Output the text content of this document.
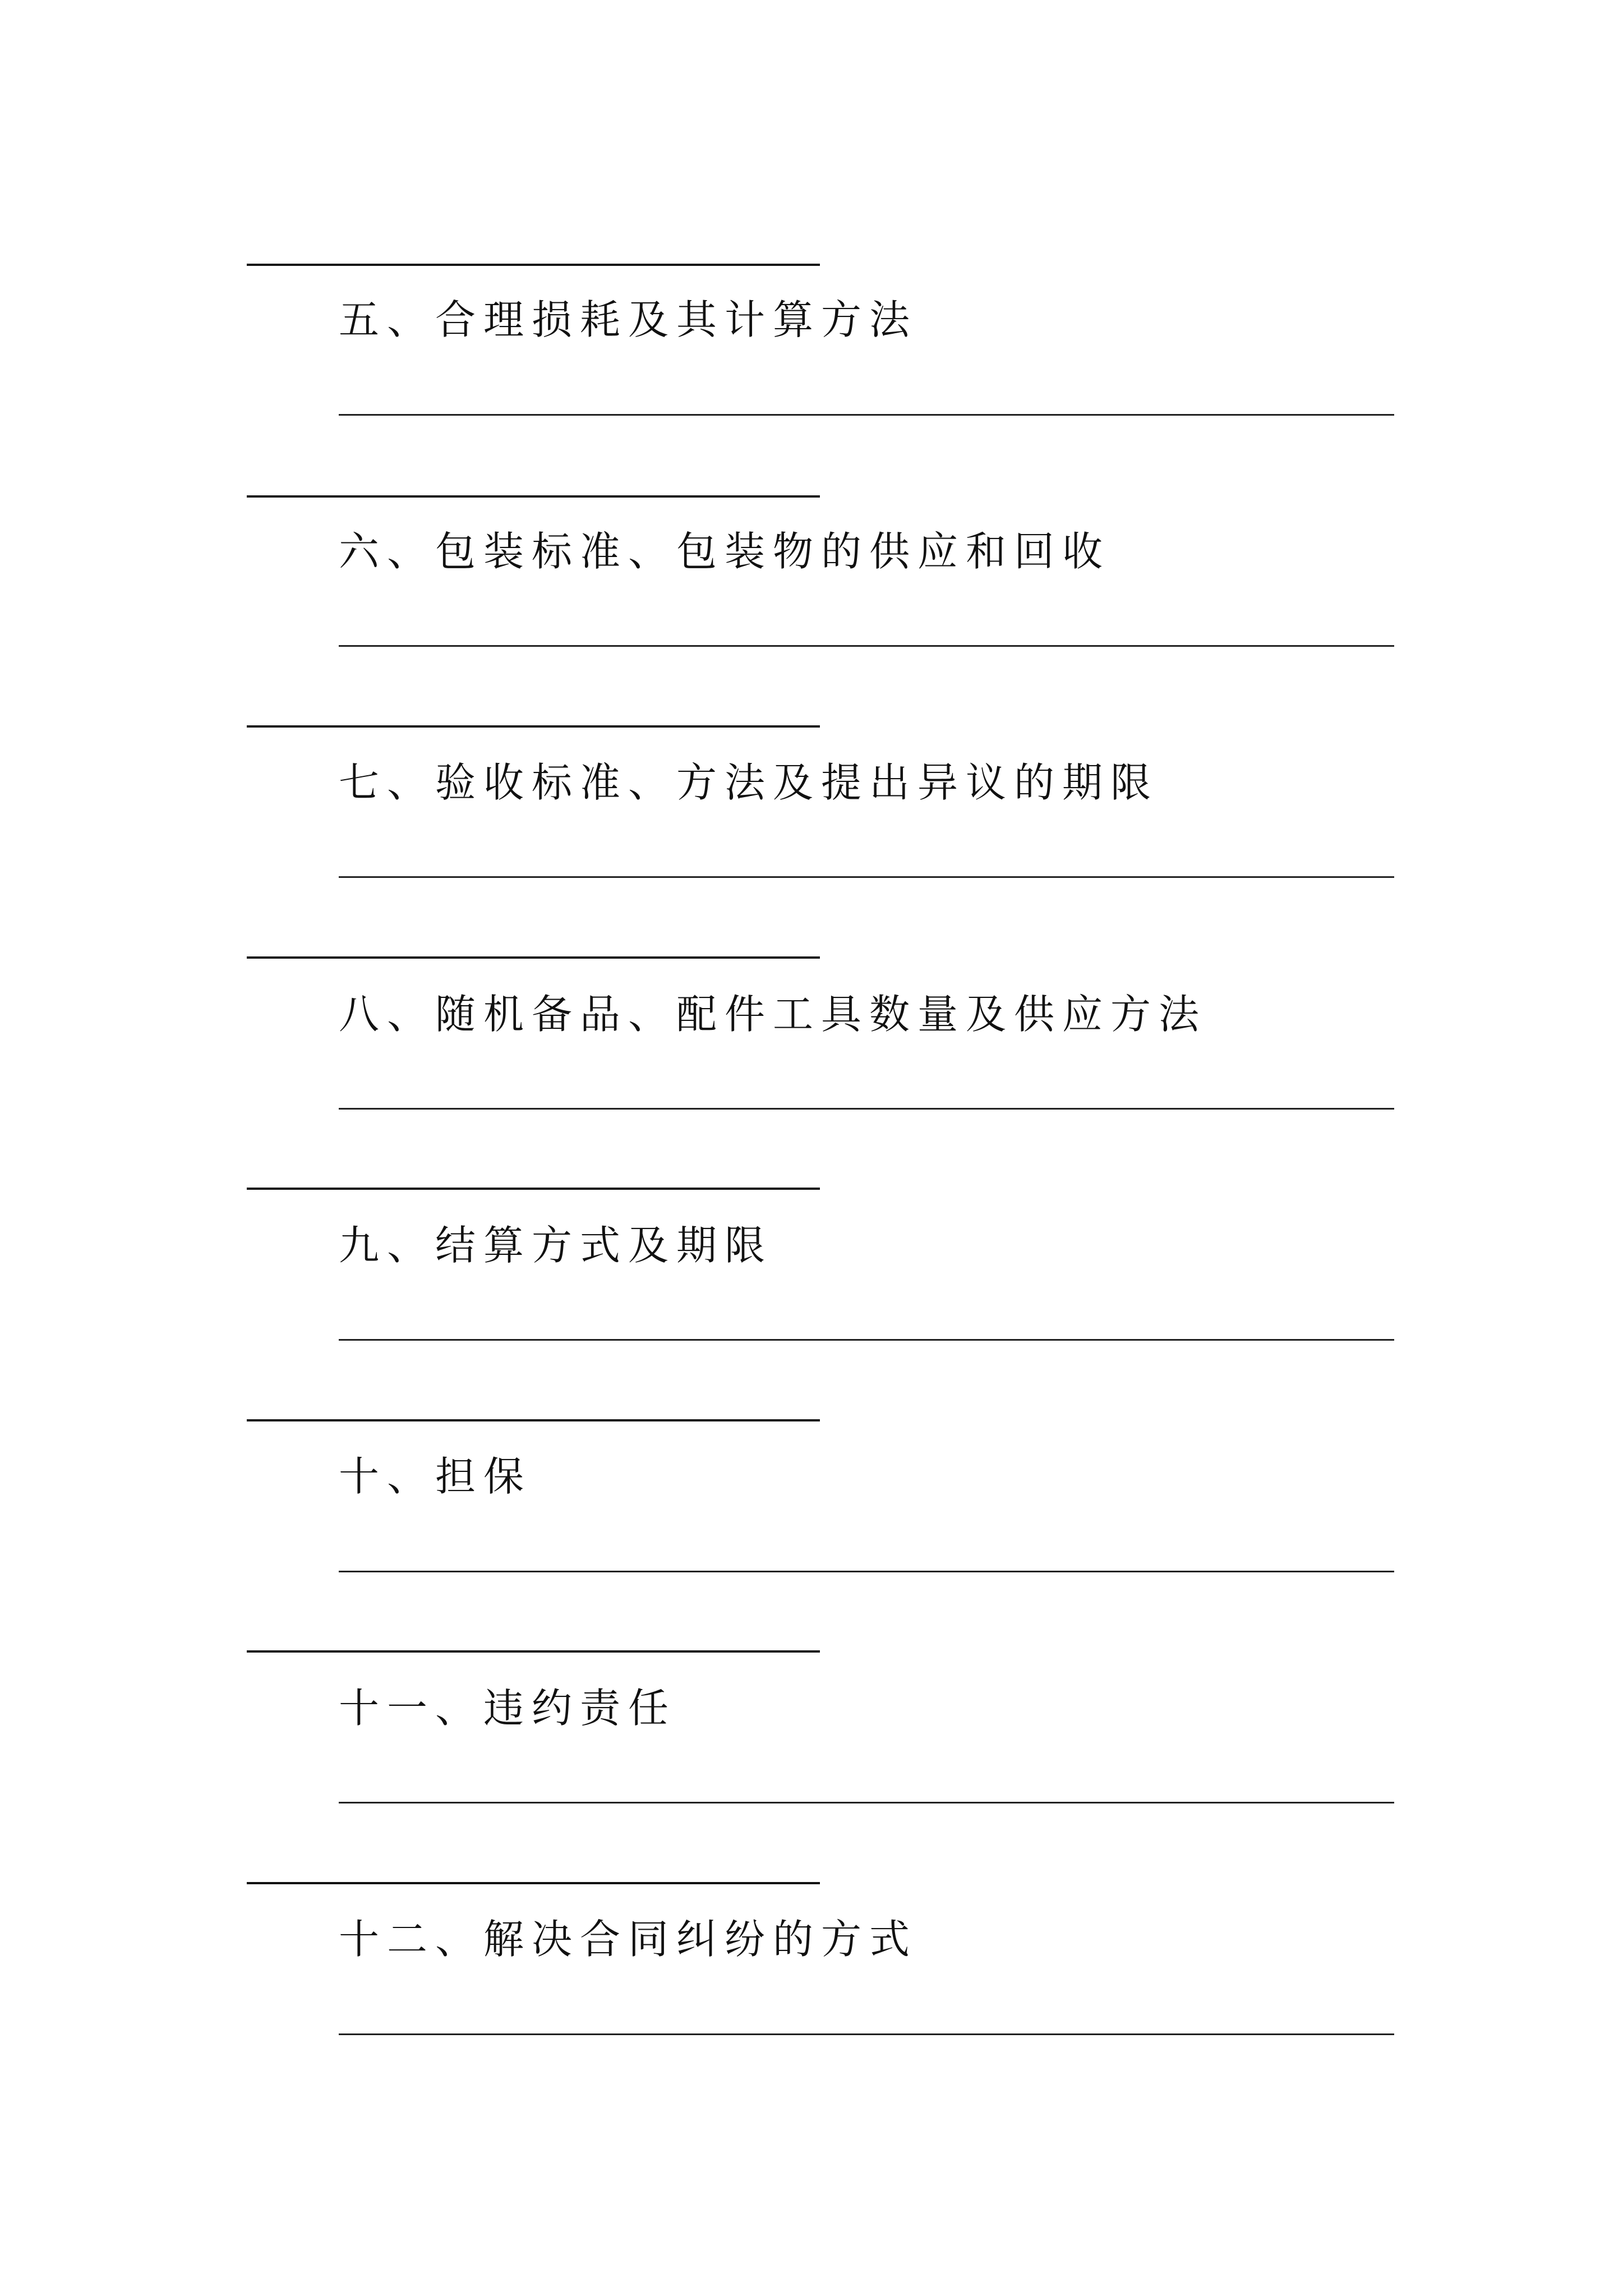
五、合理损耗及其计算方法
六、包装标准、包装物的供应和回收
七、验收标准、方法及提出异议的期限
八、随机备品、配件工具数量及供应方法
九、结算方式及期限
十、担保
十一、违约责任
十二、解决合同纠纷的方式
